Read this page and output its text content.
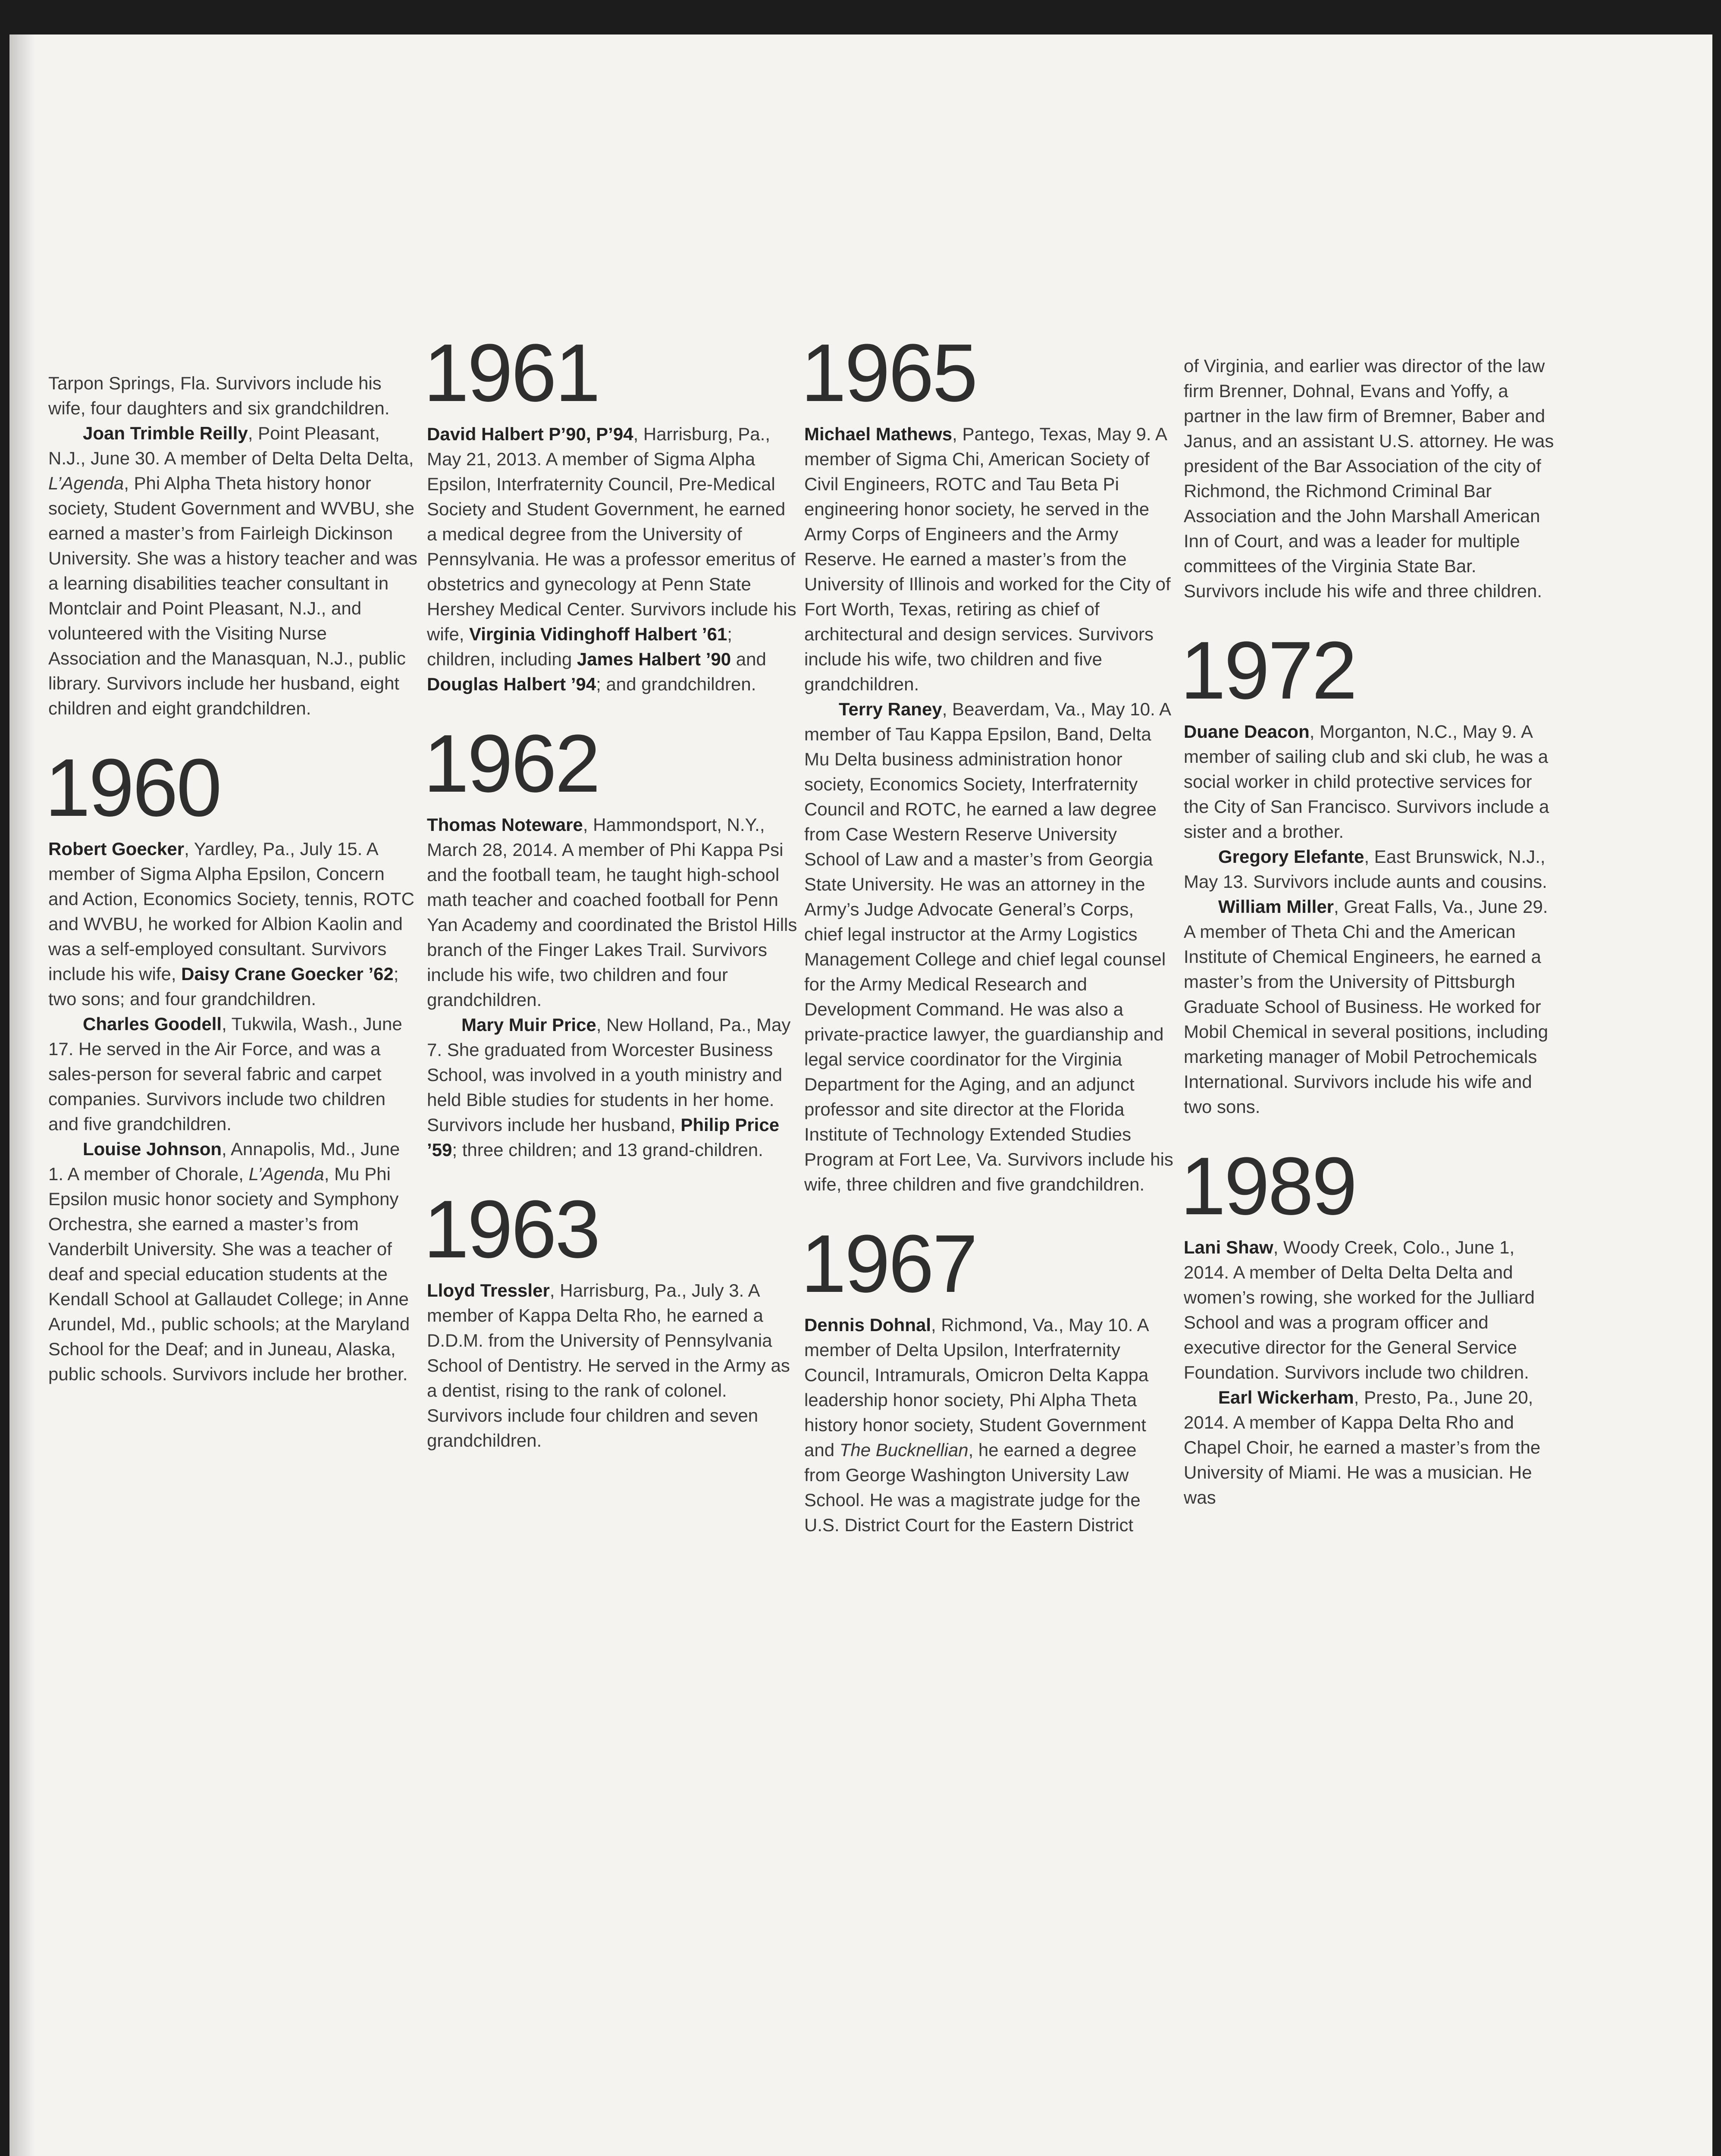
Tarpon Springs, Fla. Survivors include his wife, four daughters and six grandchildren.

Joan Trimble Reilly, Point Pleasant, N.J., June 30. A member of Delta Delta Delta, L’Agenda, Phi Alpha Theta history honor society, Student Government and WVBU, she earned a master’s from Fairleigh Dickinson University. She was a history teacher and was a learning disabilities teacher consultant in Montclair and Point Pleasant, N.J., and volunteered with the Visiting Nurse Association and the Manasquan, N.J., public library. Survivors include her husband, eight children and eight grandchildren.

1960

Robert Goecker, Yardley, Pa., July 15. A member of Sigma Alpha Epsilon, Concern and Action, Economics Society, tennis, ROTC and WVBU, he worked for Albion Kaolin and was a self-employed consultant. Survivors include his wife, Daisy Crane Goecker ’62; two sons; and four grandchildren.

Charles Goodell, Tukwila, Wash., June 17. He served in the Air Force, and was a sales-person for several fabric and carpet companies. Survivors include two children and five grandchildren.

Louise Johnson, Annapolis, Md., June 1. A member of Chorale, L’Agenda, Mu Phi Epsilon music honor society and Symphony Orchestra, she earned a master’s from Vanderbilt University. She was a teacher of deaf and special education students at the Kendall School at Gallaudet College; in Anne Arundel, Md., public schools; at the Maryland School for the Deaf; and in Juneau, Alaska, public schools. Survivors include her brother.

1961

David Halbert P’90, P’94, Harrisburg, Pa., May 21, 2013. A member of Sigma Alpha Epsilon, Interfraternity Council, Pre-Medical Society and Student Government, he earned a medical degree from the University of Pennsylvania. He was a professor emeritus of obstetrics and gynecology at Penn State Hershey Medical Center. Survivors include his wife, Virginia Vidinghoff Halbert ’61; children, including James Halbert ’90 and Douglas Halbert ’94; and grandchildren.

1962

Thomas Noteware, Hammondsport, N.Y., March 28, 2014. A member of Phi Kappa Psi and the football team, he taught high-school math teacher and coached football for Penn Yan Academy and coordinated the Bristol Hills branch of the Finger Lakes Trail. Survivors include his wife, two children and four grandchildren.

Mary Muir Price, New Holland, Pa., May 7. She graduated from Worcester Business School, was involved in a youth ministry and held Bible studies for students in her home. Survivors include her husband, Philip Price ’59; three children; and 13 grand-children.

1963

Lloyd Tressler, Harrisburg, Pa., July 3. A member of Kappa Delta Rho, he earned a D.D.M. from the University of Pennsylvania School of Dentistry. He served in the Army as a dentist, rising to the rank of colonel. Survivors include four children and seven grandchildren.

1965

Michael Mathews, Pantego, Texas, May 9. A member of Sigma Chi, American Society of Civil Engineers, ROTC and Tau Beta Pi engineering honor society, he served in the Army Corps of Engineers and the Army Reserve. He earned a master’s from the University of Illinois and worked for the City of Fort Worth, Texas, retiring as chief of architectural and design services. Survivors include his wife, two children and five grandchildren.

Terry Raney, Beaverdam, Va., May 10. A member of Tau Kappa Epsilon, Band, Delta Mu Delta business administration honor society, Economics Society, Interfraternity Council and ROTC, he earned a law degree from Case Western Reserve University School of Law and a master’s from Georgia State University. He was an attorney in the Army’s Judge Advocate General’s Corps, chief legal instructor at the Army Logistics Management College and chief legal counsel for the Army Medical Research and Development Command. He was also a private-practice lawyer, the guardianship and legal service coordinator for the Virginia Department for the Aging, and an adjunct professor and site director at the Florida Institute of Technology Extended Studies Program at Fort Lee, Va. Survivors include his wife, three children and five grandchildren.

1967

Dennis Dohnal, Richmond, Va., May 10. A member of Delta Upsilon, Interfraternity Council, Intramurals, Omicron Delta Kappa leadership honor society, Phi Alpha Theta history honor society, Student Government and The Bucknellian, he earned a degree from George Washington University Law School. He was a magistrate judge for the U.S. District Court for the Eastern District

of Virginia, and earlier was director of the law firm Brenner, Dohnal, Evans and Yoffy, a partner in the law firm of Bremner, Baber and Janus, and an assistant U.S. attorney. He was president of the Bar Association of the city of Richmond, the Richmond Criminal Bar Association and the John Marshall American Inn of Court, and was a leader for multiple committees of the Virginia State Bar. Survivors include his wife and three children.

1972

Duane Deacon, Morganton, N.C., May 9. A member of sailing club and ski club, he was a social worker in child protective services for the City of San Francisco. Survivors include a sister and a brother.

Gregory Elefante, East Brunswick, N.J., May 13. Survivors include aunts and cousins.

William Miller, Great Falls, Va., June 29. A member of Theta Chi and the American Institute of Chemical Engineers, he earned a master’s from the University of Pittsburgh Graduate School of Business. He worked for Mobil Chemical in several positions, including marketing manager of Mobil Petrochemicals International. Survivors include his wife and two sons.

1989

Lani Shaw, Woody Creek, Colo., June 1, 2014. A member of Delta Delta Delta and women’s rowing, she worked for the Julliard School and was a program officer and executive director for the General Service Foundation. Survivors include two children.

Earl Wickerham, Presto, Pa., June 20, 2014. A member of Kappa Delta Rho and Chapel Choir, he earned a master’s from the University of Miami. He was a musician. He was
